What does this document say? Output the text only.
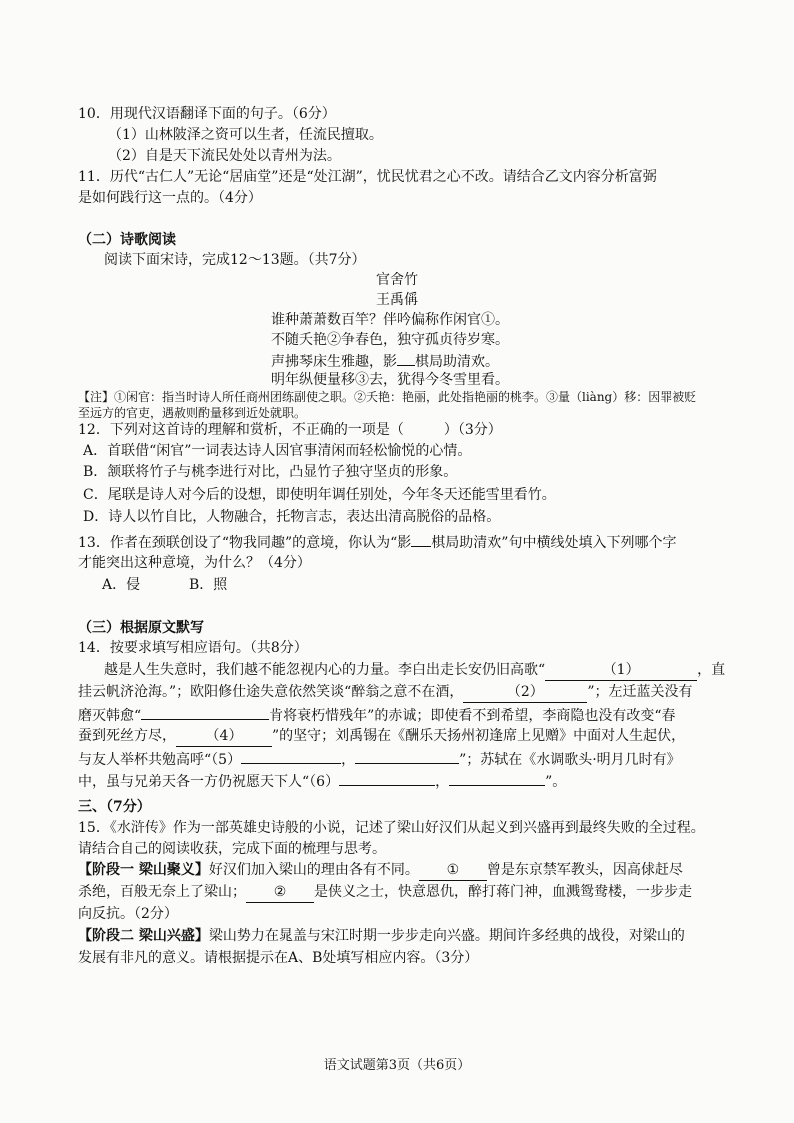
10．用现代汉语翻译下面的句子。（6分）
（1）山林陂泽之资可以生者，任流民擅取。
（2）自是天下流民处处以青州为法。
11．历代“古仁人”无论“居庙堂”还是“处江湖”，忧民忧君之心不改。请结合乙文内容分析富弼
是如何践行这一点的。（4分）
（二）诗歌阅读
阅读下面宋诗，完成12～13题。（共7分）
官舍竹
王禹偁
谁种萧萧数百竿？伴吟偏称作闲官①。
不随夭艳②争春色，独守孤贞待岁寒。
声拂琴床生雅趣，影 棋局助清欢。
明年纵便量移③去，犹得今冬雪里看。
【注】①闲官：指当时诗人所任商州团练副使之职。②夭艳：艳丽，此处指艳丽的桃李。③量（liàng）移：因罪被贬
至远方的官吏，遇赦则酌量移到近处就职。
12．下列对这首诗的理解和赏析，不正确的一项是（	）（3分）
A．首联借“闲官”一词表达诗人因官事清闲而轻松愉悦的心情。
B．颔联将竹子与桃李进行对比，凸显竹子独守坚贞的形象。
C．尾联是诗人对今后的设想，即使明年调任别处，今年冬天还能雪里看竹。
D．诗人以竹自比，人物融合，托物言志，表达出清高脱俗的品格。
13．作者在颈联创设了“物我同趣”的意境，你认为“影 棋局助清欢”句中横线处填入下列哪个字
才能突出这种意境，为什么？（4分）
A．侵	B．照
（三）根据原文默写
14．按要求填写相应语句。（共8分）
越是人生失意时，我们越不能忽视内心的力量。李白出走长安仍旧高歌“	（1）	，直
挂云帆济沧海。”；欧阳修仕途失意依然笑谈“醉翁之意不在酒，	（2）	”；左迁蓝关没有
磨灭韩愈“	肯将衰朽惜残年”的赤诚；即使看不到希望，李商隐也没有改变“春
蚕到死丝方尽， （4） ”的坚守；刘禹锡在《酬乐天扬州初逢席上见赠》中面对人生起伏，
与友人举杯共勉高呼“（5）	，	”；苏轼在《水调歌头·明月几时有》
中，虽与兄弟天各一方仍祝愿天下人“（6）	，	”。
三、（7分）
15．《水浒传》作为一部英雄史诗般的小说，记述了梁山好汉们从起义到兴盛再到最终失败的全过程。
请结合自己的阅读收获，完成下面的梳理与思考。
【阶段一 梁山聚义】好汉们加入梁山的理由各有不同。 ① 曾是东京禁军教头，因高俅赶尽
杀绝，百般无奈上了梁山； ② 是侠义之士，快意恩仇，醉打蒋门神，血溅鸳鸯楼，一步步走
向反抗。（2分）
【阶段二 梁山兴盛】梁山势力在晁盖与宋江时期一步步走向兴盛。期间许多经典的战役，对梁山的
发展有非凡的意义。请根据提示在A、B处填写相应内容。（3分）
语文试题第3页（共6页）
